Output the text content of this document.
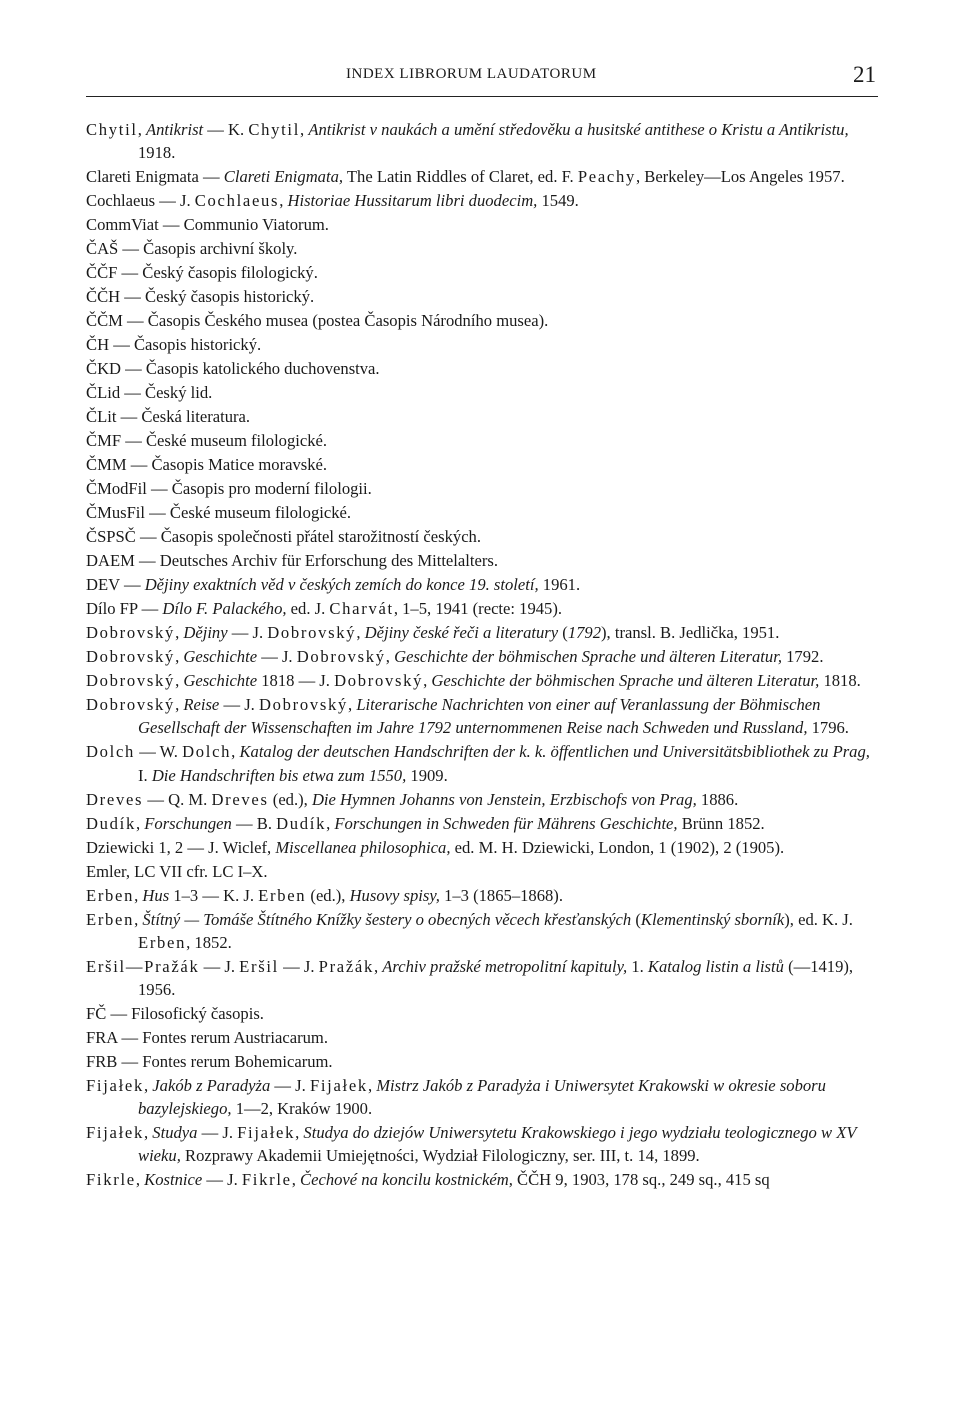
INDEX LIBRORUM LAUDATORUM	21

Chytil, Antikrist — K. Chytil, Antikrist v naukách a umění středověku a husitské antithese o Kristu a Antikristu, 1918.

Clareti Enigmata — Clareti Enigmata, The Latin Riddles of Claret, ed. F. Peachy, Berkeley—Los Angeles 1957.

Cochlaeus — J. Cochlaeus, Historiae Hussitarum libri duodecim, 1549.

CommViat — Communio Viatorum.

ČAŠ — Časopis archivní školy.

ČČF — Český časopis filologický.

ČČH — Český časopis historický.

ČČM — Časopis Českého musea (postea Časopis Národního musea).

ČH — Časopis historický.

ČKD — Časopis katolického duchovenstva.

ČLid — Český lid.

ČLit — Česká literatura.

ČMF — České museum filologické.

ČMM — Časopis Matice moravské.

ČModFil — Časopis pro moderní filologii.

ČMusFil — České museum filologické.

ČSPSČ — Časopis společnosti přátel starožitností českých.

DAEM — Deutsches Archiv für Erforschung des Mittelalters.

DEV — Dějiny exaktních věd v českých zemích do konce 19. století, 1961.

Dílo FP — Dílo F. Palackého, ed. J. Charvát, 1–5, 1941 (recte: 1945).

Dobrovský, Dějiny — J. Dobrovský, Dějiny české řeči a literatury (1792), transl. B. Jedlička, 1951.

Dobrovský, Geschichte — J. Dobrovský, Geschichte der böhmischen Sprache und älteren Literatur, 1792.

Dobrovský, Geschichte 1818 — J. Dobrovský, Geschichte der böhmischen Sprache und älteren Literatur, 1818.

Dobrovský, Reise — J. Dobrovský, Literarische Nachrichten von einer auf Veranlassung der Böhmischen Gesellschaft der Wissenschaften im Jahre 1792 unternommenen Reise nach Schweden und Russland, 1796.

Dolch — W. Dolch, Katalog der deutschen Handschriften der k. k. öffentlichen und Universitätsbibliothek zu Prag, I. Die Handschriften bis etwa zum 1550, 1909.

Dreves — Q. M. Dreves (ed.), Die Hymnen Johanns von Jenstein, Erzbischofs von Prag, 1886.

Dudík, Forschungen — B. Dudík, Forschungen in Schweden für Mährens Geschichte, Brünn 1852.

Dziewicki 1, 2 — J. Wiclef, Miscellanea philosophica, ed. M. H. Dziewicki, London, 1 (1902), 2 (1905).

Emler, LC VII cfr. LC I–X.

Erben, Hus 1–3 — K. J. Erben (ed.), Husovy spisy, 1–3 (1865–1868).

Erben, Štítný — Tomáše Štítného Knížky šestery o obecných věcech křesťanských (Klementinský sborník), ed. K. J. Erben, 1852.

Eršil—Pražák — J. Eršil — J. Pražák, Archiv pražské metropolitní kapituly, 1. Katalog listin a listů (—1419), 1956.

FČ — Filosofický časopis.

FRA — Fontes rerum Austriacarum.

FRB — Fontes rerum Bohemicarum.

Fijałek, Jakób z Paradyża — J. Fijałek, Mistrz Jakób z Paradyża i Uniwersytet Krakowski w okresie soboru bazylejskiego, 1—2, Kraków 1900.

Fijałek, Studya — J. Fijałek, Studya do dziejów Uniwersytetu Krakowskiego i jego wydziału teologicznego w XV wieku, Rozprawy Akademii Umiejętności, Wydział Filologiczny, ser. III, t. 14, 1899.

Fikrle, Kostnice — J. Fikrle, Čechové na koncilu kostnickém, ČČH 9, 1903, 178 sq., 249 sq., 415 sq
